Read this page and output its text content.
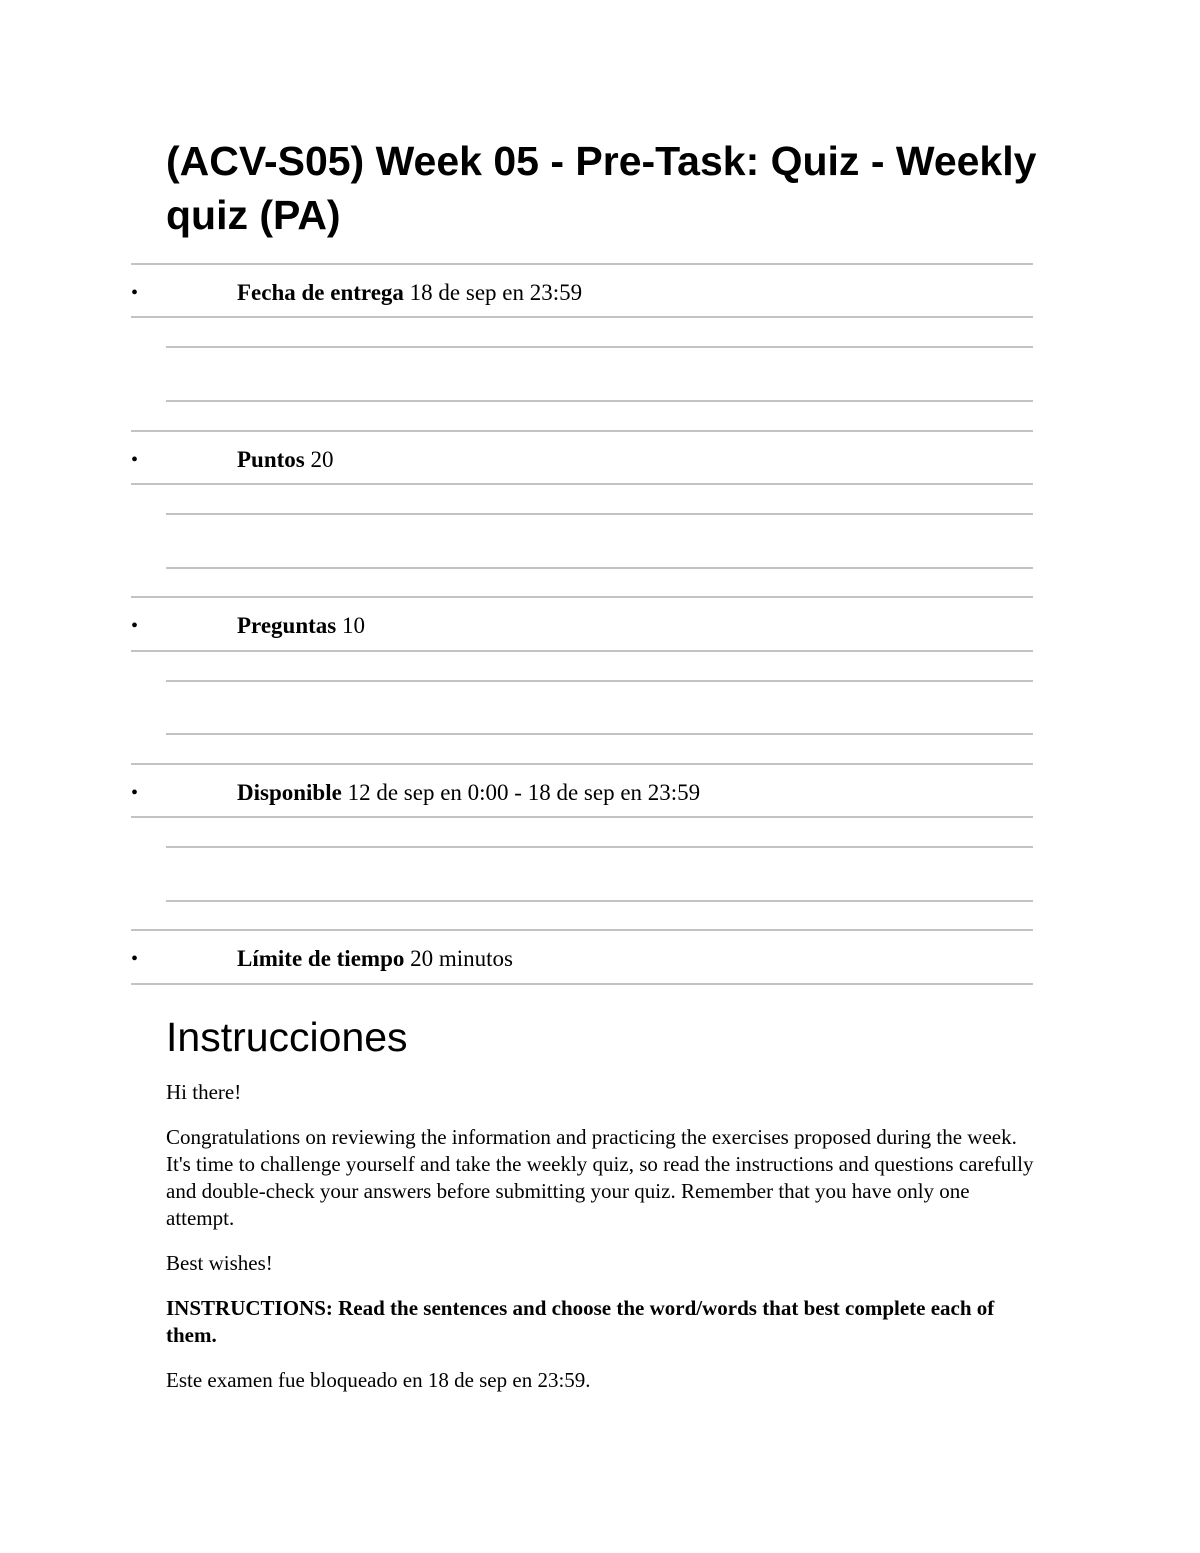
(ACV-S05) Week 05 - Pre-Task: Quiz - Weekly quiz (PA)
•	Fecha de entrega 18 de sep en 23:59
•	Puntos 20
•	Preguntas 10
•	Disponible 12 de sep en 0:00 - 18 de sep en 23:59
•	Límite de tiempo 20 minutos
Instrucciones

Hi there!

Congratulations on reviewing the information and practicing the exercises proposed during the week. It's time to challenge yourself and take the weekly quiz, so read the instructions and questions carefully and double-check your answers before submitting your quiz. Remember that you have only one attempt.

Best wishes!

INSTRUCTIONS: Read the sentences and choose the word/words that best complete each of them.

Este examen fue bloqueado en 18 de sep en 23:59.
